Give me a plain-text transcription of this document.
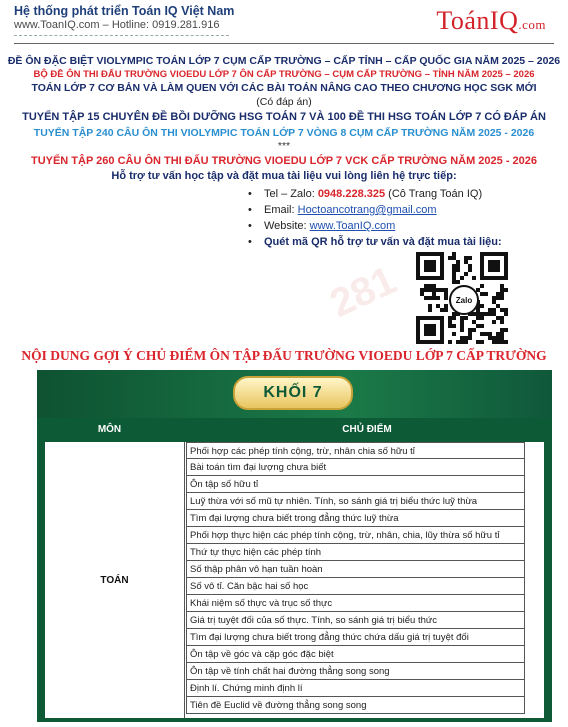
Hệ thống phát triển Toán IQ Việt Nam
www.ToanIQ.com – Hotline: 0919.281.916	ToánIQ.com
ĐỀ ÔN ĐẶC BIỆT VIOLYMPIC TOÁN LỚP 7 CỤM CẤP TRƯỜNG – CẤP TỈNH – CẤP QUỐC GIA NĂM 2025 – 2026
BỘ ĐỀ ÔN THI ĐẤU TRƯỜNG VIOEDU LỚP 7 ÔN CẤP TRƯỜNG – CỤM CẤP TRƯỜNG – TỈNH NĂM 2025 – 2026
TOÁN LỚP 7 CƠ BẢN VÀ LÀM QUEN VỚI CÁC BÀI TOÁN NÂNG CAO THEO CHƯƠNG HỌC SGK MỚI
(Có đáp án)
TUYỂN TẬP 15 CHUYÊN ĐỀ BỒI DƯỠNG HSG TOÁN 7 VÀ 100 ĐỀ THI HSG TOÁN LỚP 7 CÓ ĐÁP ÁN
TUYỂN TẬP 240 CÂU ÔN THI VIOLYMPIC TOÁN LỚP 7 VÒNG 8 CỤM CẤP TRƯỜNG NĂM 2025 - 2026
***
TUYỂN TẬP 260 CÂU ÔN THI ĐẤU TRƯỜNG VIOEDU LỚP 7 VCK CẤP TRƯỜNG NĂM 2025 - 2026
Hỗ trợ tư vấn học tập và đặt mua tài liệu vui lòng liên hệ trực tiếp:
• Tel – Zalo: 0948.228.325 (Cô Trang Toán IQ)
• Email: Hoctoancotrang@gmail.com
• Website: www.ToanIQ.com
• Quét mã QR hỗ trợ tư vấn và đặt mua tài liệu:
Zalo
281
NỘI DUNG GỢI Ý CHỦ ĐIỂM ÔN TẬP ĐẤU TRƯỜNG VIOEDU LỚP 7 CẤP TRƯỜNG
KHỐI 7
MÔN	CHỦ ĐIỂM
TOÁN
Phối hợp các phép tính cộng, trừ, nhân chia số hữu tỉ
Bài toán tìm đại lượng chưa biết
Ôn tập số hữu tỉ
Luỹ thừa với số mũ tự nhiên. Tính, so sánh giá trị biểu thức luỹ thừa
Tìm đại lượng chưa biết trong đẳng thức luỹ thừa
Phối hợp thực hiện các phép tính cộng, trừ, nhân, chia, lũy thừa số hữu tỉ
Thứ tự thực hiện các phép tính
Số thập phân vô hạn tuần hoàn
Số vô tỉ. Căn bậc hai số học
Khái niệm số thực và trục số thực
Giá trị tuyệt đối của số thực. Tính, so sánh giá trị biểu thức
Tìm đại lượng chưa biết trong đẳng thức chứa dấu giá trị tuyệt đối
Ôn tập về góc và cặp góc đặc biệt
Ôn tập về tính chất hai đường thẳng song song
Định lí. Chứng minh định lí
Tiên đề Euclid về đường thẳng song song
